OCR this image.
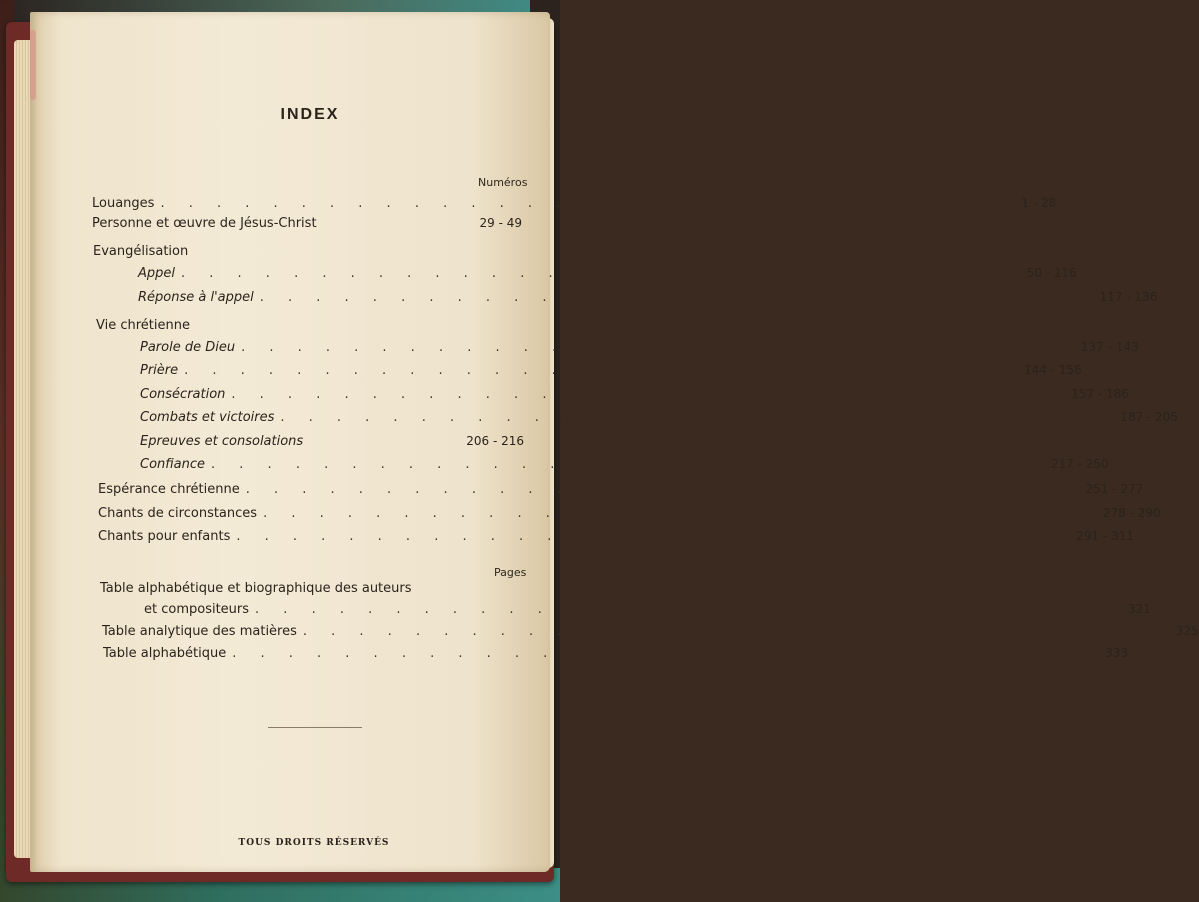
INDEX
Numéros
Louanges . . . . . . . . . . . . . . . . . . . . . . . . . . . . . .	1 - 28
Personne et œuvre de Jésus-Christ	29 - 49
Evangélisation
Appel . . . . . . . . . . . . . . . . . . . . . . . . . . . . . . 50 - 116
Réponse à l'appel . . . . . . . . . . . . . . . . . . . . . . . . . . . . . . 117 - 136
Vie chrétienne
Parole de Dieu . . . . . . . . . . . . . . . . . . . . . . . . . . . . . . 137 - 143
Prière . . . . . . . . . . . . . . . . . . . . . . . . . . . . . . 144 - 156
Consécration . . . . . . . . . . . . . . . . . . . . . . . . . . . . . . 157 - 186
Combats et victoires . . . . . . . . . . . . . . . . . . . . . . . . . . . . . . 187 - 205
Epreuves et consolations	206 - 216
Confiance . . . . . . . . . . . . . . . . . . . . . . . . . . . . . . 217 - 250
Espérance chrétienne . . . . . . . . . . . . . . . . . . . . . . . . . . . . . . 251 - 277
Chants de circonstances . . . . . . . . . . . . . . . . . . . . . . . . . . . . . . 278 - 290
Chants pour enfants . . . . . . . . . . . . . . . . . . . . . . . . . . . . . . 291 - 311
Pages
Table alphabétique et biographique des auteurs
et compositeurs . . . . . . . . . . . . . . . . . . . . . . . . . . . . . .	321
Table analytique des matières . . . . . . . . . . . . . . . . . . . . . . . . . . . . . .	325
Table alphabétique . . . . . . . . . . . . . . . . . . . . . . . . . . . . . .	333
TOUS DROITS RÉSERVÉS
